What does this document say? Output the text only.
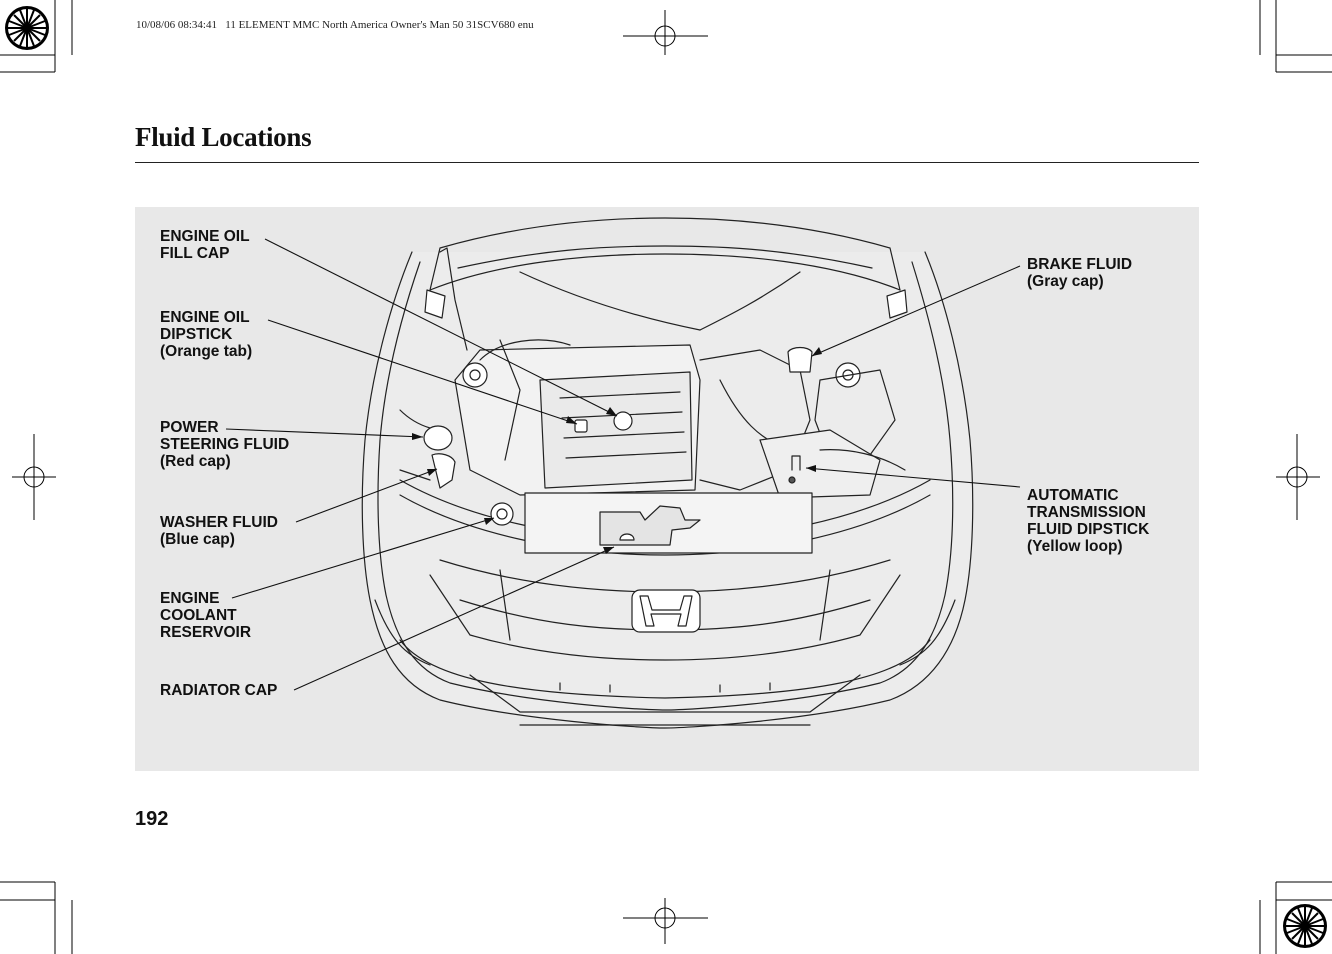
10/08/06 08:34:41   11 ELEMENT MMC North America Owner's Man 50 31SCV680 enu
Fluid Locations
ENGINE OIL
FILL CAP
ENGINE OIL
DIPSTICK
(Orange tab)
POWER
STEERING FLUID
(Red cap)
WASHER FLUID
(Blue cap)
ENGINE
COOLANT
RESERVOIR
RADIATOR CAP
BRAKE FLUID
(Gray cap)
AUTOMATIC
TRANSMISSION
FLUID DIPSTICK
(Yellow loop)
192
